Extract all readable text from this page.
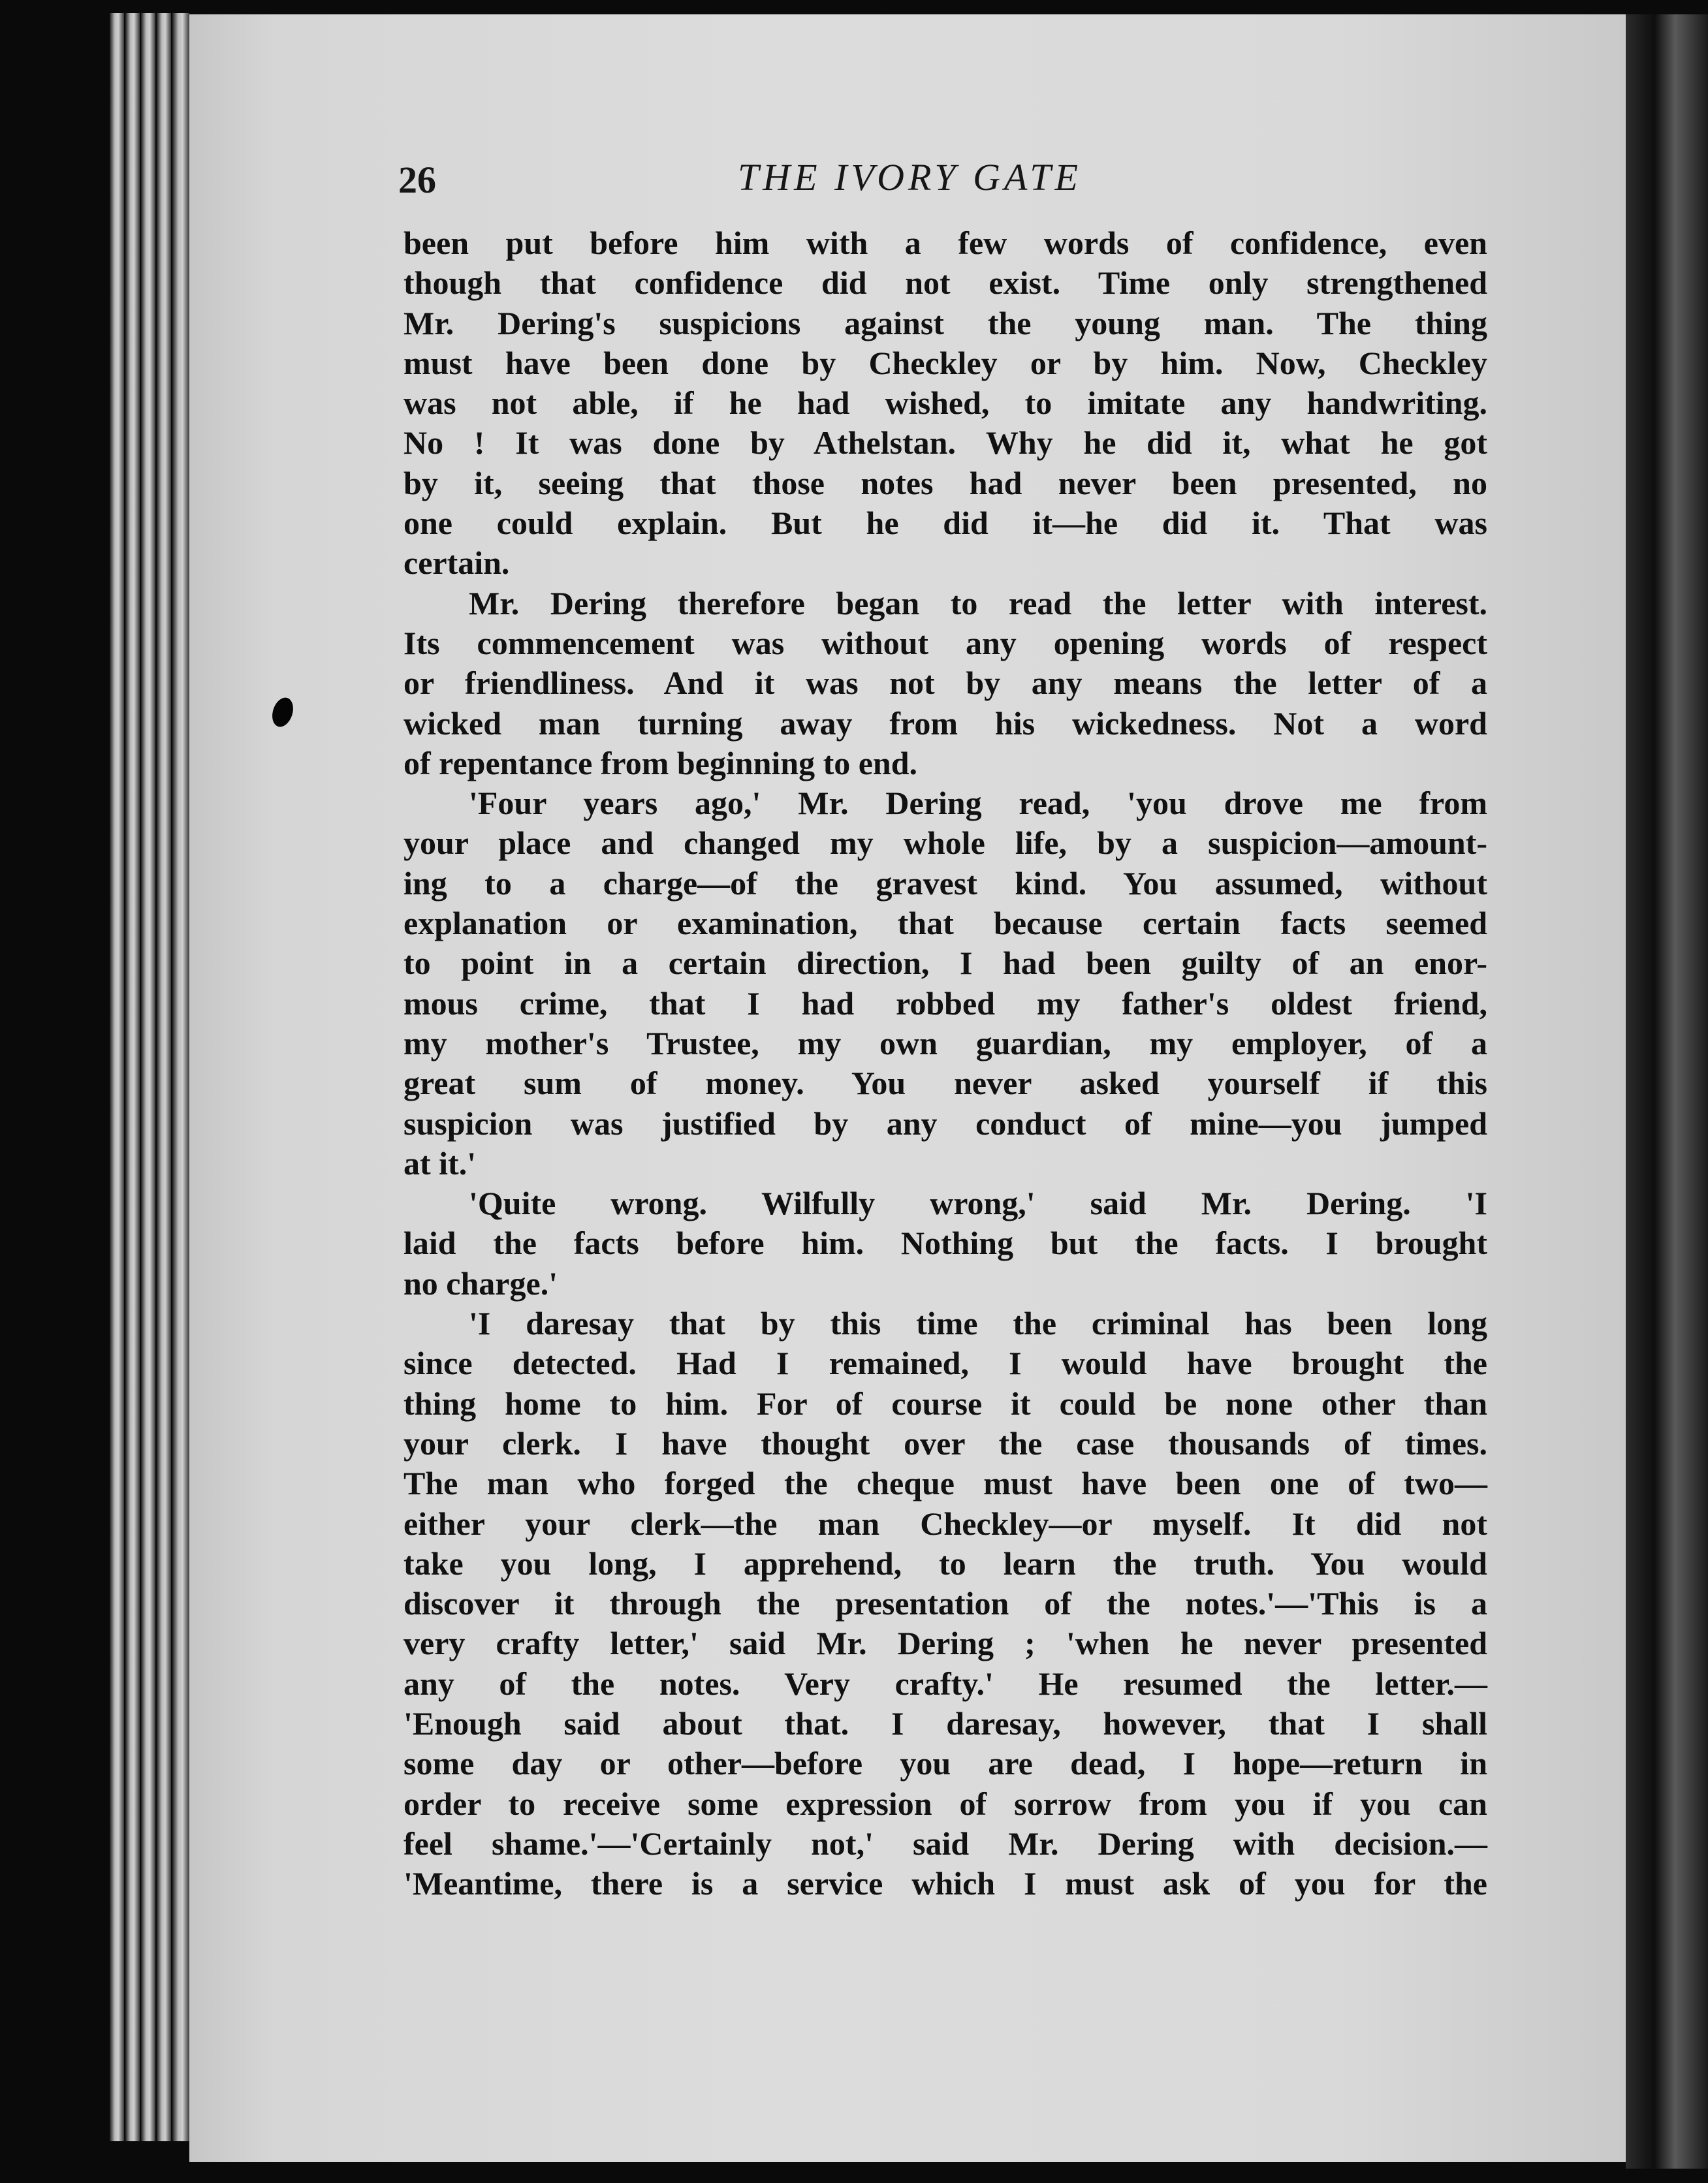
26	THE IVORY GATE
been put before him with a few words of confidence, even
though that confidence did not exist. Time only strengthened
Mr. Dering's suspicions against the young man. The thing
must have been done by Checkley or by him. Now, Checkley
was not able, if he had wished, to imitate any handwriting.
No ! It was done by Athelstan. Why he did it, what he got
by it, seeing that those notes had never been presented, no
one could explain. But he did it—he did it. That was
certain.
Mr. Dering therefore began to read the letter with interest.
Its commencement was without any opening words of respect
or friendliness. And it was not by any means the letter of a
wicked man turning away from his wickedness. Not a word
of repentance from beginning to end.
'Four years ago,' Mr. Dering read, 'you drove me from
your place and changed my whole life, by a suspicion—amount-
ing to a charge—of the gravest kind. You assumed, without
explanation or examination, that because certain facts seemed
to point in a certain direction, I had been guilty of an enor-
mous crime, that I had robbed my father's oldest friend,
my mother's Trustee, my own guardian, my employer, of a
great sum of money. You never asked yourself if this
suspicion was justified by any conduct of mine—you jumped
at it.'
'Quite wrong. Wilfully wrong,' said Mr. Dering. 'I
laid the facts before him. Nothing but the facts. I brought
no charge.'
'I daresay that by this time the criminal has been long
since detected. Had I remained, I would have brought the
thing home to him. For of course it could be none other than
your clerk. I have thought over the case thousands of times.
The man who forged the cheque must have been one of two—
either your clerk—the man Checkley—or myself. It did not
take you long, I apprehend, to learn the truth. You would
discover it through the presentation of the notes.'—'This is a
very crafty letter,' said Mr. Dering ; 'when he never presented
any of the notes. Very crafty.' He resumed the letter.—
'Enough said about that. I daresay, however, that I shall
some day or other—before you are dead, I hope—return in
order to receive some expression of sorrow from you if you can
feel shame.'—'Certainly not,' said Mr. Dering with decision.—
'Meantime, there is a service which I must ask of you for the
